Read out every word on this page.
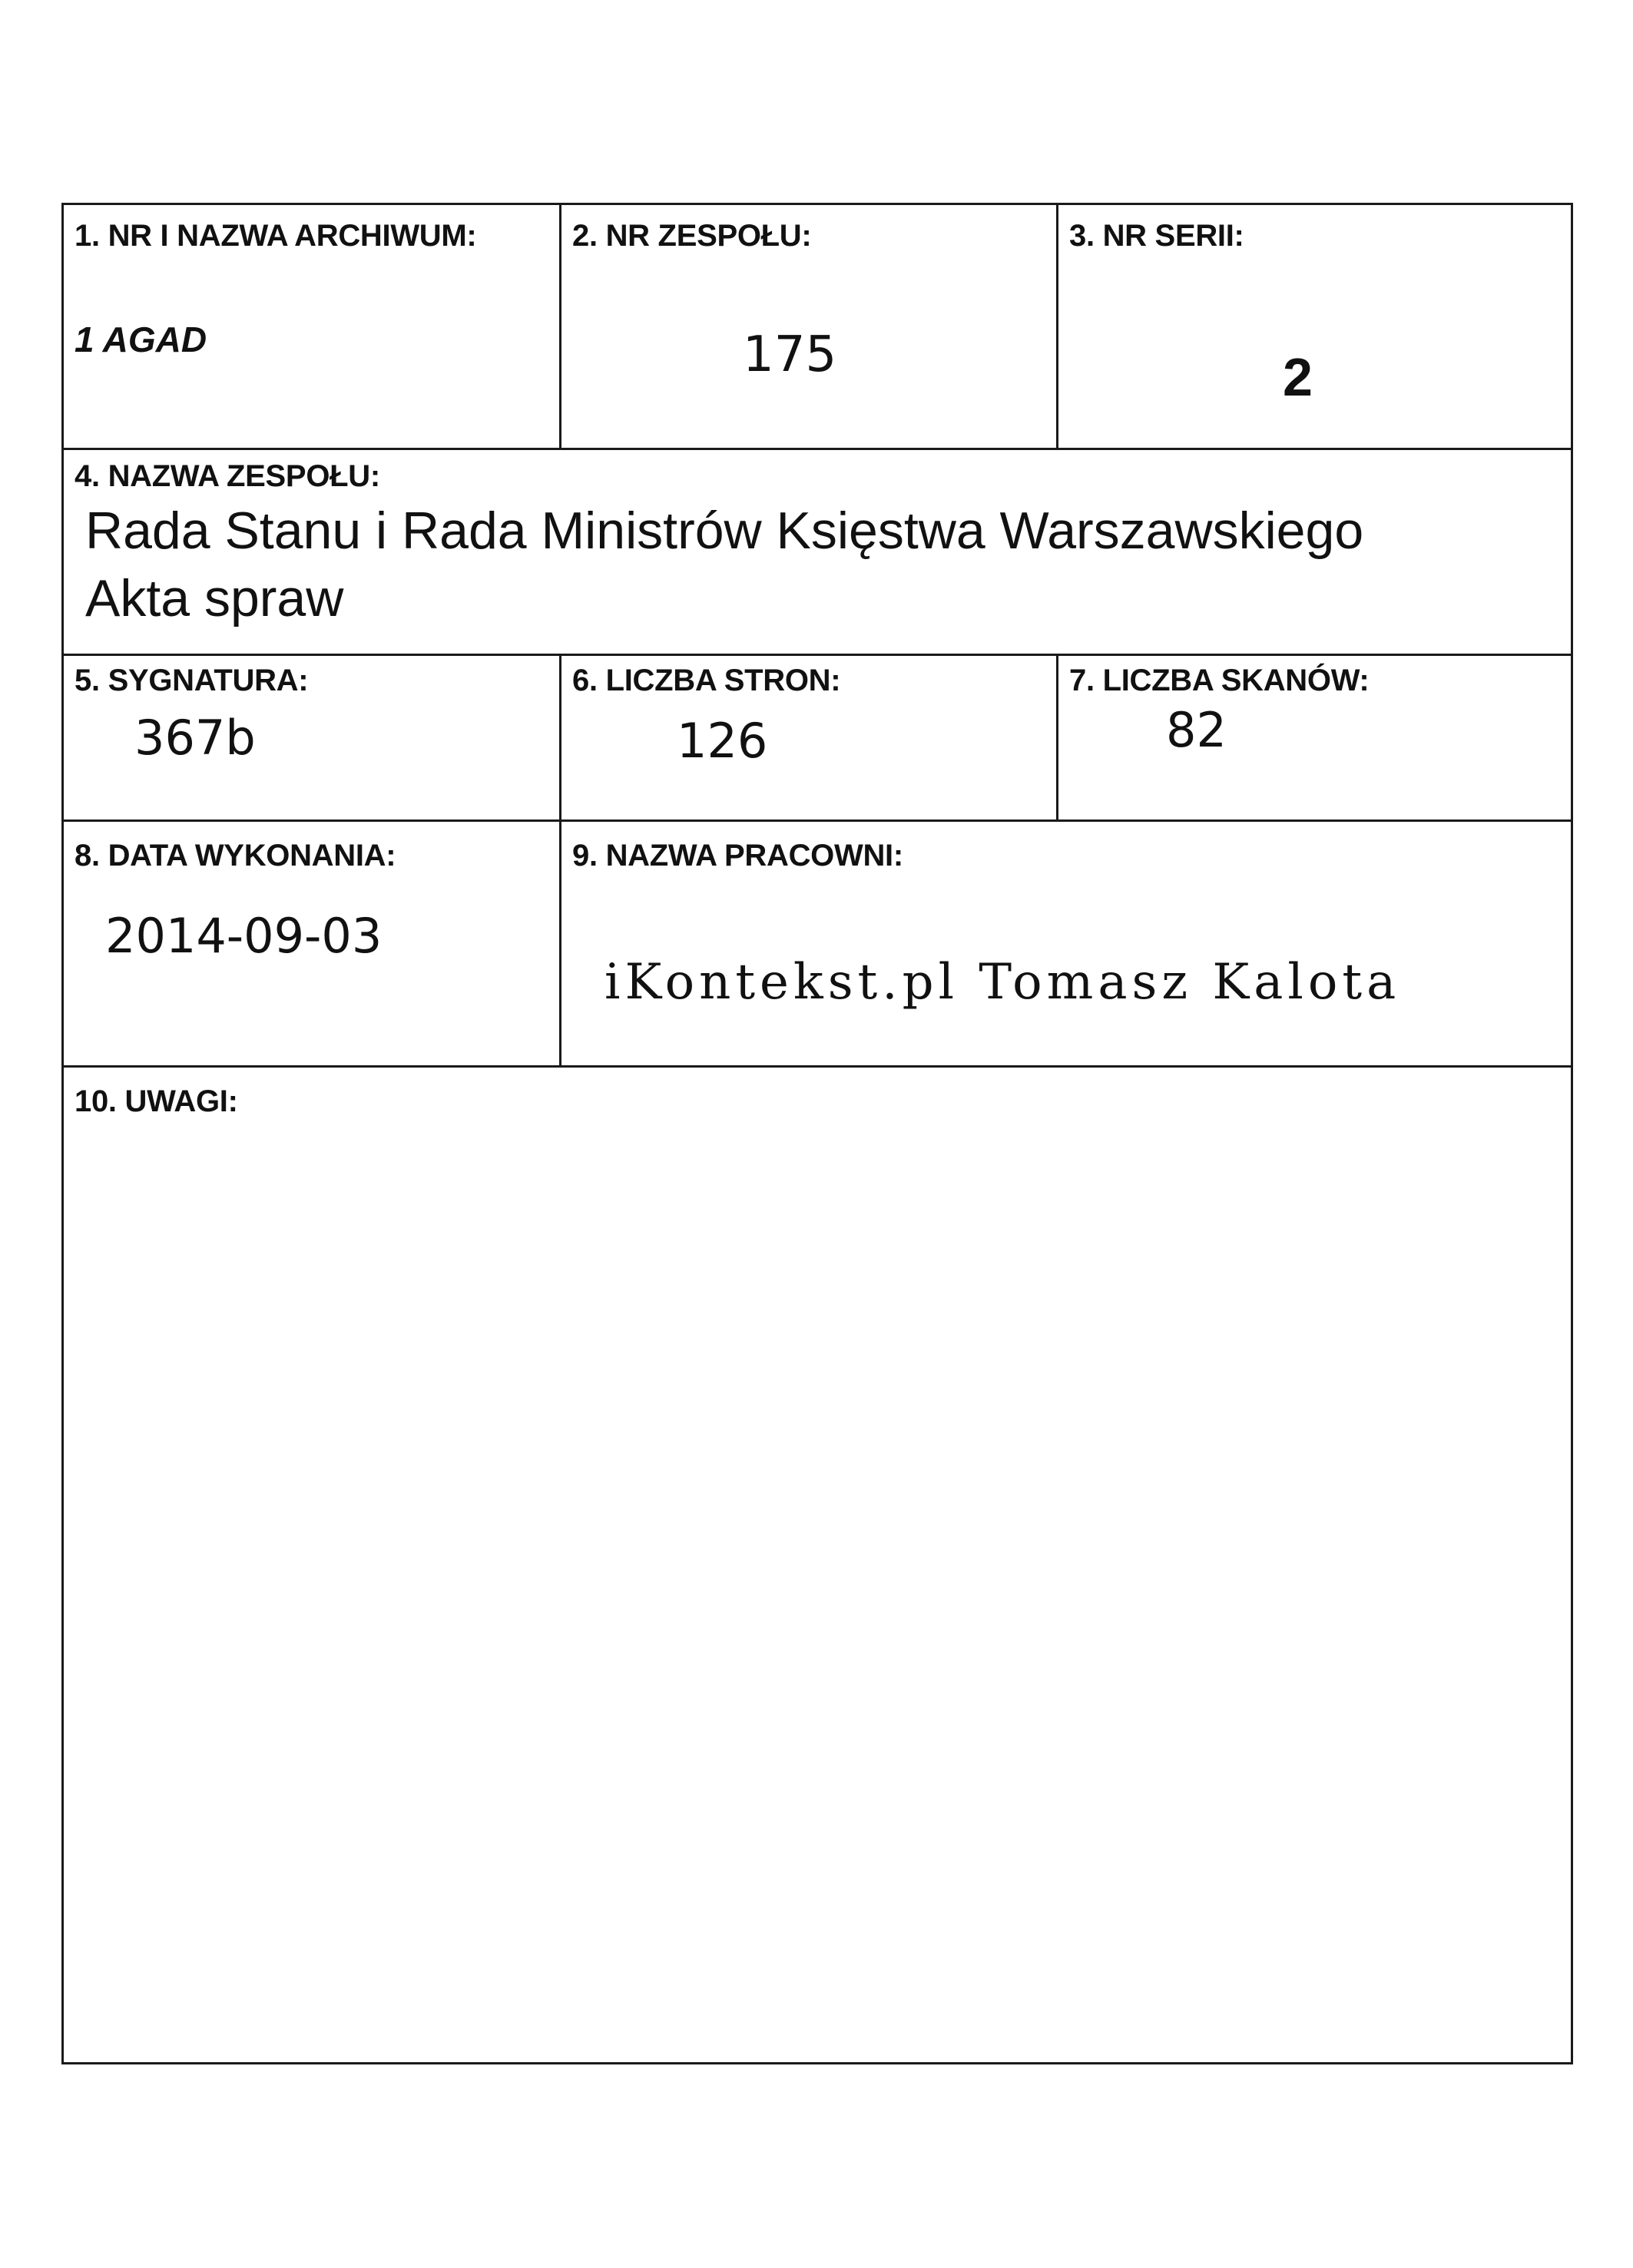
1. NR I NAZWA ARCHIWUM:
1 AGAD
2. NR ZESPOŁU:
175
3. NR SERII:
2
4. NAZWA ZESPOŁU:
Rada Stanu i Rada Ministrów Księstwa Warszawskiego
Akta spraw
5. SYGNATURA:
367b
6. LICZBA STRON:
126
7. LICZBA SKANÓW:
82
8. DATA WYKONANIA:
2014-09-03
9. NAZWA PRACOWNI:
iKontekst.pl Tomasz Kalota
10. UWAGI:
